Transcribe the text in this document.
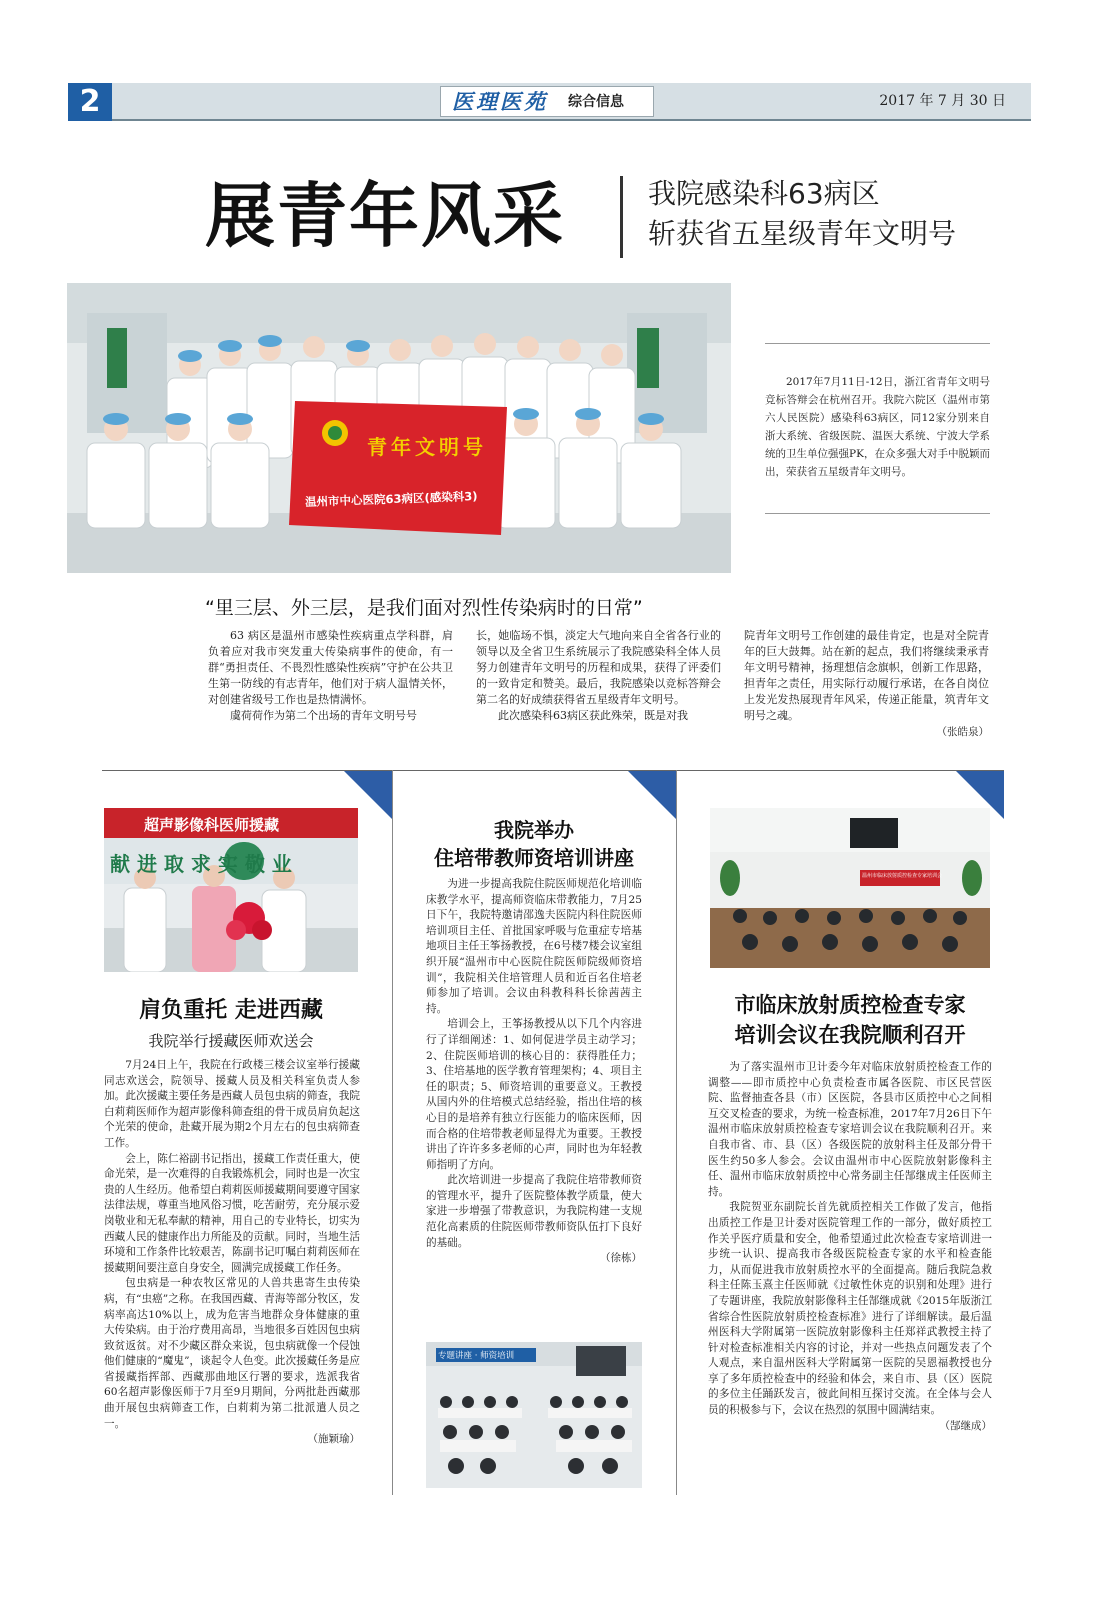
2	医理医苑 综合信息	2017 年 7 月 30 日
展青年风采	我院感染科63病区
斩获省五星级青年文明号
青年文明号
温州市中心医院63病区(感染科3)
2017年7月11日-12日，浙江省青年文明号竞标答辩会在杭州召开。我院六院区（温州市第六人民医院）感染科63病区，同12家分别来自浙大系统、省级医院、温医大系统、宁波大学系统的卫生单位强强PK，在众多强大对手中脱颖而出，荣获省五星级青年文明号。
“里三层、外三层，是我们面对烈性传染病时的日常”

63 病区是温州市感染性疾病重点学科群，肩负着应对我市突发重大传染病事件的使命，有一群“勇担责任、不畏烈性感染性疾病”守护在公共卫生第一防线的有志青年，他们对于病人温情关怀，对创建省级号工作也是热情满怀。

虞荷荷作为第二个出场的青年文明号号

长，她临场不惧，淡定大气地向来自全省各行业的领导以及全省卫生系统展示了我院感染科全体人员努力创建青年文明号的历程和成果，获得了评委们的一致肯定和赞美。最后，我院感染以竞标答辩会第二名的好成绩获得省五星级青年文明号。

此次感染科63病区获此殊荣，既是对我

院青年文明号工作创建的最佳肯定，也是对全院青年的巨大鼓舞。站在新的起点，我们将继续秉承青年文明号精神，扬理想信念旗帜，创新工作思路，担青年之责任，用实际行动履行承诺，在各自岗位上发光发热展现青年风采，传递正能量，筑青年文明号之魂。

（张皓泉）
超声影像科医师援藏
献 进 取 求 实 敬 业
肩负重托 走进西藏
我院举行援藏医师欢送会

7月24日上午，我院在行政楼三楼会议室举行援藏同志欢送会，院领导、援藏人员及相关科室负责人参加。此次援藏主要任务是西藏人员包虫病的筛查，我院白莉莉医师作为超声影像科筛查组的骨干成员肩负起这个光荣的使命，赴藏开展为期2个月左右的包虫病筛查工作。

会上，陈仁裕副书记指出，援藏工作责任重大，使命光荣，是一次难得的自我锻炼机会，同时也是一次宝贵的人生经历。他希望白莉莉医师援藏期间要遵守国家法律法规，尊重当地风俗习惯，吃苦耐劳，充分展示爱岗敬业和无私奉献的精神，用自己的专业特长，切实为西藏人民的健康作出力所能及的贡献。同时，当地生活环境和工作条件比较艰苦，陈副书记叮嘱白莉莉医师在援藏期间要注意自身安全，圆满完成援藏工作任务。

包虫病是一种农牧区常见的人兽共患寄生虫传染病，有“虫癌”之称。在我国西藏、青海等部分牧区，发病率高达10%以上，成为危害当地群众身体健康的重大传染病。由于治疗费用高昂，当地很多百姓因包虫病致贫返贫。对不少藏区群众来说，包虫病就像一个侵蚀他们健康的“魔鬼”，谈起令人色变。此次援藏任务是应省援藏指挥部、西藏那曲地区行署的要求，选派我省60名超声影像医师于7月至9月期间，分两批赴西藏那曲开展包虫病筛查工作，白莉莉为第二批派遣人员之一。

（施颖瑜）
我院举办
住培带教师资培训讲座

为进一步提高我院住院医师规范化培训临床教学水平，提高师资临床带教能力，7月25日下午，我院特邀请邵逸夫医院内科住院医师培训项目主任、首批国家呼吸与危重症专培基地项目主任王筝扬教授，在6号楼7楼会议室组织开展“温州市中心医院住院医师院级师资培训”，我院相关住培管理人员和近百名住培老师参加了培训。会议由科教科科长徐茜茜主持。

培训会上，王筝扬教授从以下几个内容进行了详细阐述：1、如何促进学员主动学习；2、住院医师培训的核心目的：获得胜任力；3、住培基地的医学教育管理架构；4、项目主任的职责；5、师资培训的重要意义。王教授从国内外的住培模式总结经验，指出住培的核心目的是培养有独立行医能力的临床医师，因而合格的住培带教老师显得尤为重要。王教授讲出了许许多多老师的心声，同时也为年轻教师指明了方向。

此次培训进一步提高了我院住培带教师资的管理水平，提升了医院整体教学质量，使大家进一步增强了带教意识，为我院构建一支规范化高素质的住院医师带教师资队伍打下良好的基础。

（徐栋）
专题讲座 · 师资培训
温州市临床放射质控检查专家培训会
市临床放射质控检查专家
培训会议在我院顺利召开

为了落实温州市卫计委今年对临床放射质控检查工作的调整——即市质控中心负责检查市属各医院、市区民营医院、监督抽查各县（市）区医院，各县市区质控中心之间相互交叉检查的要求，为统一检查标准，2017年7月26日下午温州市临床放射质控检查专家培训会议在我院顺利召开。来自我市省、市、县（区）各级医院的放射科主任及部分骨干医生约50多人参会。会议由温州市中心医院放射影像科主任、温州市临床放射质控中心常务副主任郜继成主任医师主持。

我院贺亚东副院长首先就质控相关工作做了发言，他指出质控工作是卫计委对医院管理工作的一部分，做好质控工作关乎医疗质量和安全，他希望通过此次检查专家培训进一步统一认识、提高我市各级医院检查专家的水平和检查能力，从而促进我市放射质控水平的全面提高。随后我院急救科主任陈玉熹主任医师就《过敏性休克的识别和处理》进行了专题讲座，我院放射影像科主任郜继成就《2015年版浙江省综合性医院放射质控检查标准》进行了详细解读。最后温州医科大学附属第一医院放射影像科主任郑祥武教授主持了针对检查标准相关内容的讨论，并对一些热点问题发表了个人观点，来自温州医科大学附属第一医院的吴恩福教授也分享了多年质控检查中的经验和体会，来自市、县（区）医院的多位主任踊跃发言，彼此间相互探讨交流。在全体与会人员的积极参与下，会议在热烈的氛围中圆满结束。

（郜继成）
